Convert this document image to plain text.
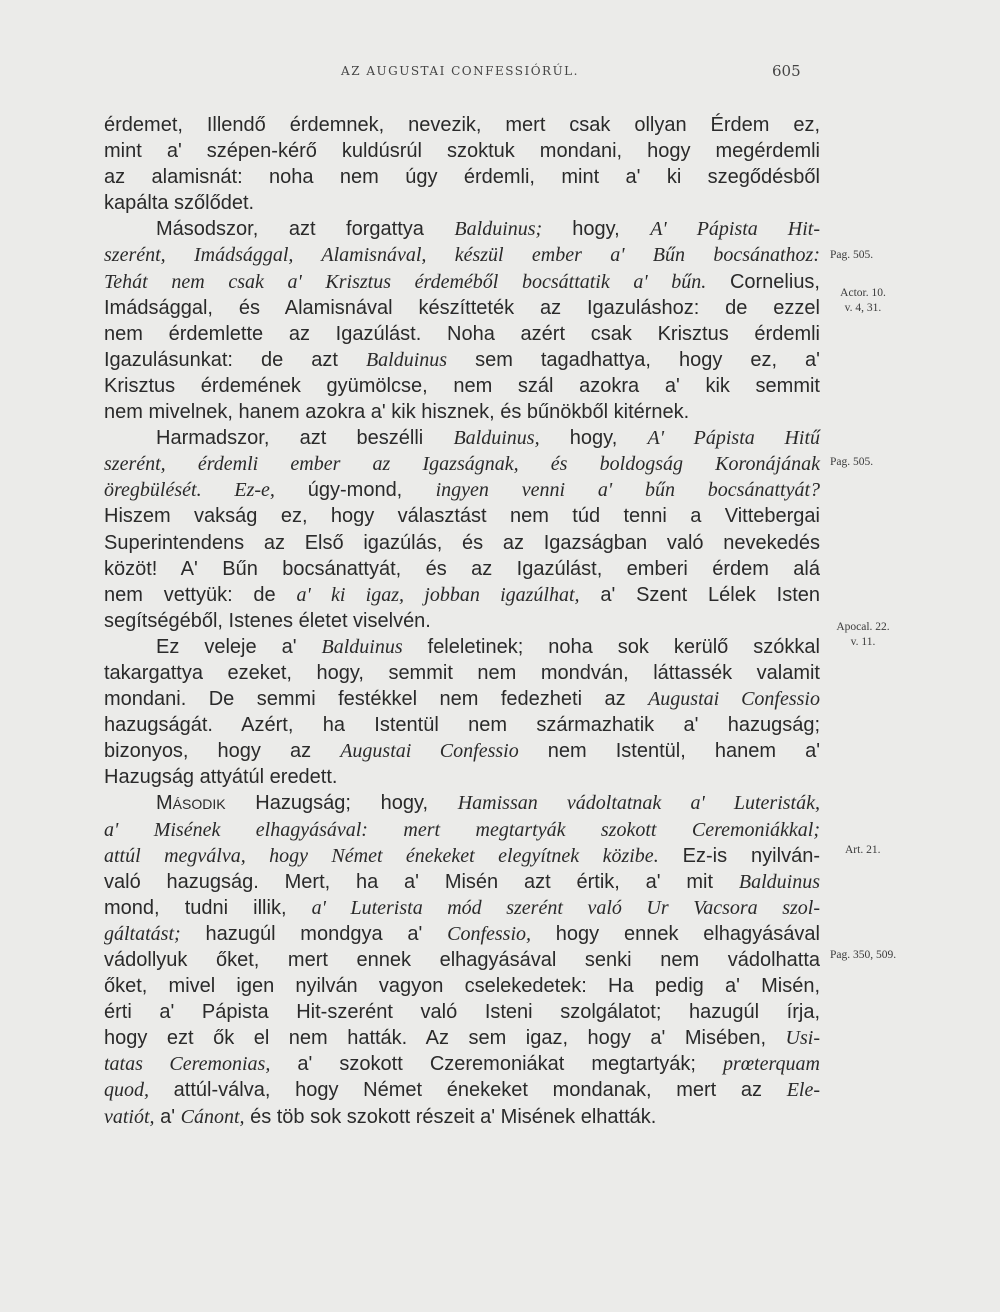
AZ AUGUSTAI CONFESSIÓRÚL.	605
érdemet, Illendő érdemnek, nevezik, mert csak ollyan Érdem ez,
mint a' szépen-kérő kuldúsrúl szoktuk mondani, hogy megérdemli
az alamisnát: noha nem úgy érdemli, mint a' ki szegődésből
kapálta szőlődet.
Másodszor, azt forgattya Balduinus; hogy, A' Pápista Hit-
szerént, Imádsággal, Alamisnával, készül ember a' Bűn bocsánathoz:
Tehát nem csak a' Krisztus érdeméből bocsáttatik a' bűn. Cornelius,
Imádsággal, és Alamisnával készítteték az Igazuláshoz: de ezzel
nem érdemlette az Igazúlást. Noha azért csak Krisztus érdemli
Igazulásunkat: de azt Balduinus sem tagadhattya, hogy ez, a'
Krisztus érdemének gyümölcse, nem szál azokra a' kik semmit
nem mivelnek, hanem azokra a' kik hisznek, és bűnökből kitérnek.
Harmadszor, azt beszélli Balduinus, hogy, A' Pápista Hitű
szerént, érdemli ember az Igazságnak, és boldogság Koronájának
öregbülését. Ez-e, úgy-mond, ingyen venni a' bűn bocsánattyát?
Hiszem vakság ez, hogy választást nem túd tenni a Vittebergai
Superintendens az Első igazúlás, és az Igazságban való nevekedés
közöt! A' Bűn bocsánattyát, és az Igazúlást, emberi érdem alá
nem vettyük: de a' ki igaz, jobban igazúlhat, a' Szent Lélek Isten
segítségéből, Istenes életet viselvén.
Ez veleje a' Balduinus feleletinek; noha sok kerülő szókkal
takargattya ezeket, hogy, semmit nem mondván, láttassék valamit
mondani. De semmi festékkel nem fedezheti az Augustai Confessio
hazugságát. Azért, ha Istentül nem származhatik a' hazugság;
bizonyos, hogy az Augustai Confessio nem Istentül, hanem a'
Hazugság attyátúl eredett.
Második Hazugság; hogy, Hamissan vádoltatnak a' Luteristák,
a' Misének elhagyásával: mert megtartyák szokott Ceremoniákkal;
attúl megválva, hogy Német énekeket elegyítnek közibe. Ez-is nyilván-
való hazugság. Mert, ha a' Misén azt értik, a' mit Balduinus
mond, tudni illik, a' Luterista mód szerént való Ur Vacsora szol-
gáltatást; hazugúl mondgya a' Confessio, hogy ennek elhagyásával
vádollyuk őket, mert ennek elhagyásával senki nem vádolhatta
őket, mivel igen nyilván vagyon cselekedetek: Ha pedig a' Misén,
érti a' Pápista Hit-szerént való Isteni szolgálatot; hazugúl írja,
hogy ezt ők el nem hatták. Az sem igaz, hogy a' Misében, Usi-
tatas Ceremonias, a' szokott Czeremoniákat megtartyák; prœterquam
quod, attúl-válva, hogy Német énekeket mondanak, mert az Ele-
vatiót, a' Cánont, és töb sok szokott részeit a' Misének elhatták.
Pag. 505.
Actor. 10.
v. 4, 31.
Pag. 505.
Apocal. 22.
v. 11.
Art. 21.
Pag. 350, 509.
